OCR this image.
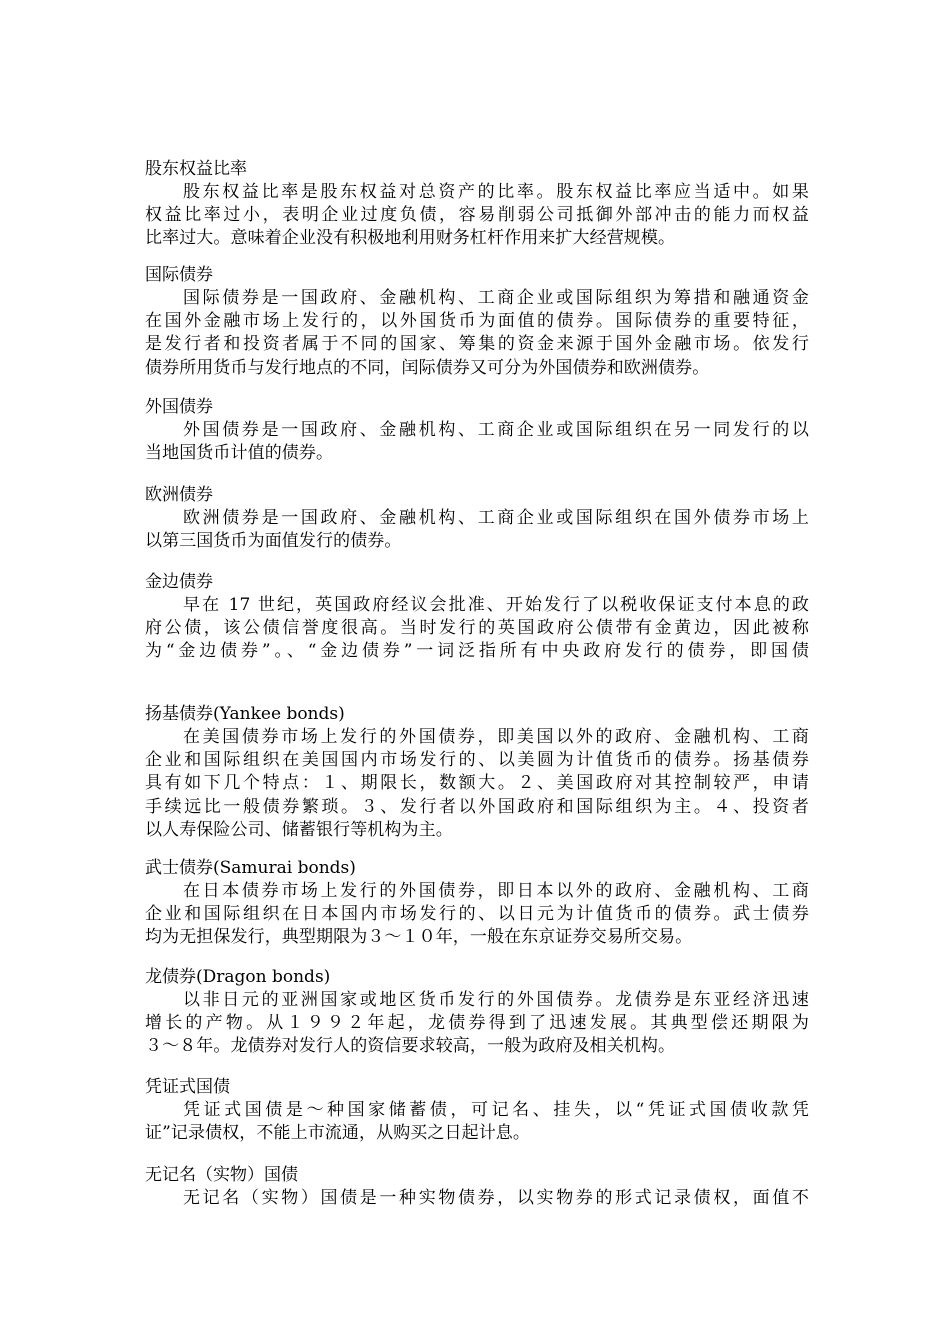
股东权益比率
股东权益比率是股东权益对总资产的比率。股东权益比率应当适中。如果
权益比率过小，表明企业过度负债，容易削弱公司抵御外部冲击的能力而权益
比率过大。意味着企业没有积极地利用财务杠杆作用来扩大经营规模。
国际债券
国际债券是一国政府、金融机构、工商企业或国际组织为筹措和融通资金
在国外金融市场上发行的，以外国货币为面值的债券。国际债券的重要特征，
是发行者和投资者属于不同的国家、筹集的资金来源于国外金融市场。依发行
债券所用货币与发行地点的不同，闰际债券又可分为外国债券和欧洲债券。
外国债券
外国债券是一国政府、金融机构、工商企业或国际组织在另一同发行的以
当地国货币计值的债券。
欧洲债券
欧洲债券是一国政府、金融机构、工商企业或国际组织在国外债券市场上
以第三国货币为面值发行的债券。
金边债券
早在 17 世纪，英国政府经议会批准、开始发行了以税收保证支付本息的政
府公债，该公债信誉度很高。当时发行的英国政府公债带有金黄边，因此被称
为“金边债券”。、“金边债券”一词泛指所有中央政府发行的债券，即国债
扬基债券(Yankee bonds)
在美国债券市场上发行的外国债券，即美国以外的政府、金融机构、工商
企业和国际组织在美国国内市场发行的、以美圆为计值货币的债券。扬基债券
具有如下几个特点：１、期限长，数额大。２、美国政府对其控制较严，申请
手续远比一般债券繁琐。３、发行者以外国政府和国际组织为主。４、投资者
以人寿保险公司、储蓄银行等机构为主。
武士债券(Samurai bonds)
在日本债券市场上发行的外国债券，即日本以外的政府、金融机构、工商
企业和国际组织在日本国内市场发行的、以日元为计值货币的债券。武士债券
均为无担保发行，典型期限为３～１０年，一般在东京证券交易所交易。
龙债券(Dragon bonds)
以非日元的亚洲国家或地区货币发行的外国债券。龙债券是东亚经济迅速
增长的产物。从１９９２年起，龙债券得到了迅速发展。其典型偿还期限为
３～８年。龙债券对发行人的资信要求较高，一般为政府及相关机构。
凭证式国债
凭证式国债是～种国家储蓄债，可记名、挂失，以“凭证式国债收款凭
证”记录债权，不能上市流通，从购买之日起计息。
无记名（实物）国债
无记名（实物）国债是一种实物债券，以实物券的形式记录债权，面值不
